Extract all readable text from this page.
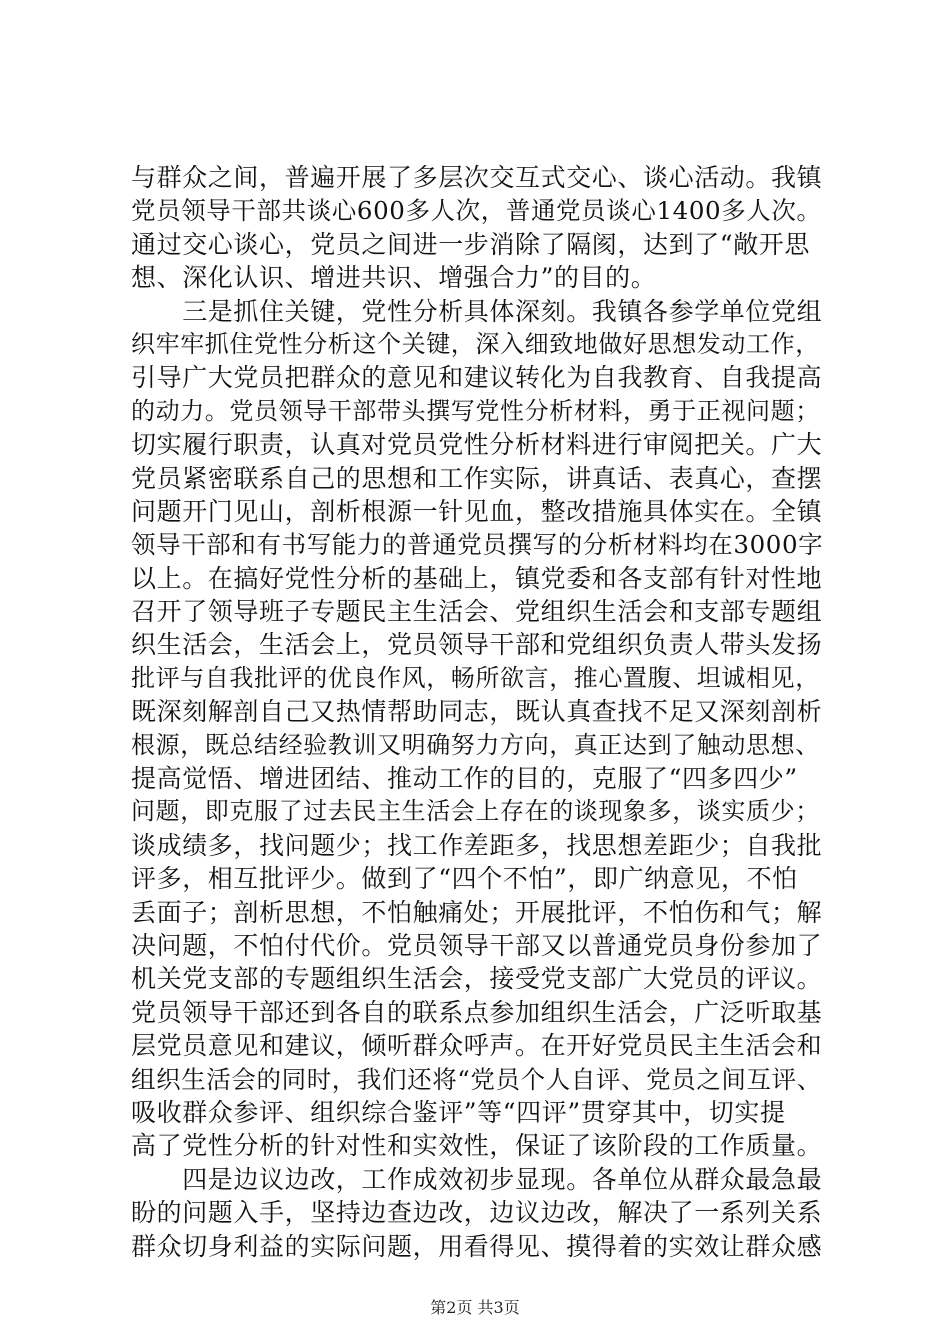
与群众之间，普遍开展了多层次交互式交心、谈心活动。我镇
党员领导干部共谈心600多人次，普通党员谈心1400多人次。
通过交心谈心，党员之间进一步消除了隔阂，达到了“敞开思
想、深化认识、增进共识、增强合力”的目的。
　　三是抓住关键，党性分析具体深刻。我镇各参学单位党组
织牢牢抓住党性分析这个关键，深入细致地做好思想发动工作，
引导广大党员把群众的意见和建议转化为自我教育、自我提高
的动力。党员领导干部带头撰写党性分析材料，勇于正视问题；
切实履行职责，认真对党员党性分析材料进行审阅把关。广大
党员紧密联系自己的思想和工作实际，讲真话、表真心，查摆
问题开门见山，剖析根源一针见血，整改措施具体实在。全镇
领导干部和有书写能力的普通党员撰写的分析材料均在3000字
以上。在搞好党性分析的基础上，镇党委和各支部有针对性地
召开了领导班子专题民主生活会、党组织生活会和支部专题组
织生活会，生活会上，党员领导干部和党组织负责人带头发扬
批评与自我批评的优良作风，畅所欲言，推心置腹、坦诚相见，
既深刻解剖自己又热情帮助同志，既认真查找不足又深刻剖析
根源，既总结经验教训又明确努力方向，真正达到了触动思想、
提高觉悟、增进团结、推动工作的目的，克服了“四多四少”
问题，即克服了过去民主生活会上存在的谈现象多，谈实质少；
谈成绩多，找问题少；找工作差距多，找思想差距少；自我批
评多，相互批评少。做到了“四个不怕”，即广纳意见，不怕
丢面子；剖析思想，不怕触痛处；开展批评，不怕伤和气；解
决问题，不怕付代价。党员领导干部又以普通党员身份参加了
机关党支部的专题组织生活会，接受党支部广大党员的评议。
党员领导干部还到各自的联系点参加组织生活会，广泛听取基
层党员意见和建议，倾听群众呼声。在开好党员民主生活会和
组织生活会的同时，我们还将“党员个人自评、党员之间互评、
吸收群众参评、组织综合鉴评”等“四评”贯穿其中，切实提
高了党性分析的针对性和实效性，保证了该阶段的工作质量。
　　四是边议边改，工作成效初步显现。各单位从群众最急最
盼的问题入手，坚持边查边改，边议边改，解决了一系列关系
群众切身利益的实际问题，用看得见、摸得着的实效让群众感
第2页 共3页
